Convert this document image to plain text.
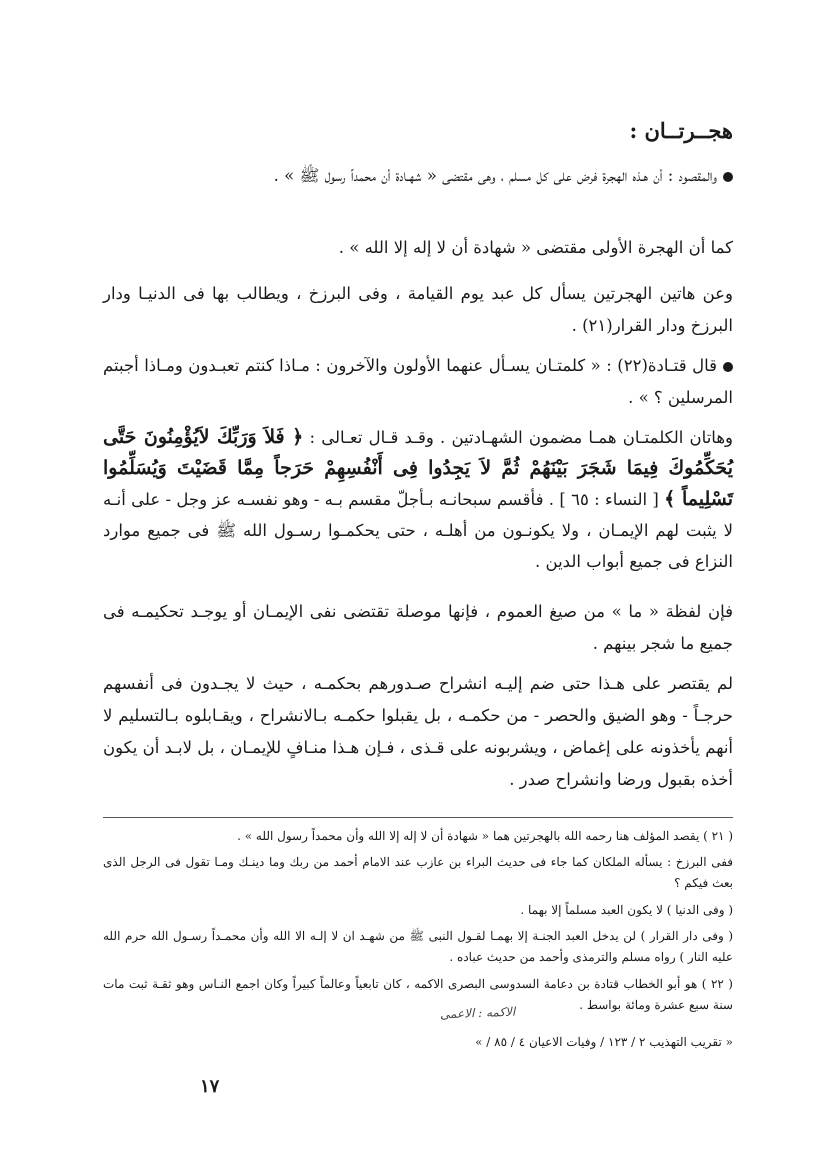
هجــرتــان :
والمقصود : أن هـذه الهجرة فرض على كل مسلم ، وهى مقتضى « شهـادة أن محمداً رسول ﷺ » .
كما أن الهجرة الأولى مقتضى « شهادة أن لا إله إلا الله » .
وعن هاتين الهجرتين يسأل كل عبد يوم القيامة ، وفى البرزخ ، ويطالب بها فى الدنيـا ودار البرزخ ودار القرار(٢١) .
قال قتـادة(٢٢) : « كلمتـان يسـأل عنهما الأولون والآخرون : مـاذا كنتم تعبـدون ومـاذا أجبتم المرسلين ؟ » .
وهاتان الكلمتـان همـا مضمون الشهـادتين . وقـد قـال تعـالى : ﴿ فَلاَ وَرَبِّكَ لاَيُؤْمِنُونَ حَتَّى يُحَكِّمُوكَ فِيمَا شَجَرَ بَيْنَهُمْ ثُمَّ لاَ يَجِدُوا فِى أَنْفُسِهِمْ حَرَجاً مِمَّا قَضَيْتَ وَيُسَلِّمُوا تَسْلِيماً ﴾ [ النساء : ٦٥ ] . فأقسم سبحانـه بـأجلّ مقسم بـه - وهو نفسـه عز وجل - على أنـه لا يثبت لهم الإيمـان ، ولا يكونـون من أهلـه ، حتى يحكمـوا رسـول الله ﷺ فى جميع موارد النزاع فى جميع أبواب الدين .
فإن لفظة « ما » من صيغ العموم ، فإنها موصلة تقتضى نفى الإيمـان أو يوجـد تحكيمـه فى جميع ما شجر بينهم .
لم يقتصر على هـذا حتى ضم إليـه انشراح صـدورهم بحكمـه ، حيث لا يجـدون فى أنفسهم حرجـاً - وهو الضيق والحصر - من حكمـه ، بل يقبلوا حكمـه بـالانشراح ، ويقـابلوه بـالتسليم لا أنهم يأخذونه على إغماض ، ويشربونه على قـذى ، فـإن هـذا منـافٍ للإيمـان ، بل لابـد أن يكون أخذه بقبول ورضا وانشراح صدر .
( ٢١ ) يقصد المؤلف هنا رحمه الله بالهجرتين هما « شهادة أن لا إله إلا الله وأن محمداً رسول الله » .
ففى البرزخ : يسأله الملكان كما جاء فى حديث البراء بن عازب عند الامام أحمد من ربك وما دينـك ومـا تقول فى الرجل الذى بعث فيكم ؟
( وفى الدنيا ) لا يكون العبد مسلماً إلا بهما .
( وفى دار القرار ) لن يدخل العبد الجنـة إلا بهمـا لقـول النبى ﷺ من شهـد ان لا إلـه الا الله وأن محمـداً رسـول الله حرم الله عليه النار ) رواه مسلم والترمذى وأحمد من حديث عباده .
( ٢٢ ) هو أبو الخطاب قتادة بن دعامة السدوسى البصرى الاكمه ، كان تابعياً وعالماً كبيراً وكان اجمع النـاس وهو ثقـة ثبت مات سنة سبع عشرة ومائة بواسط .
الاكمه : الاعمى
« تقريب التهذيب ٢ / ١٢٣ / وفيات الاعيان ٤ / ٨٥ / »
١٧
